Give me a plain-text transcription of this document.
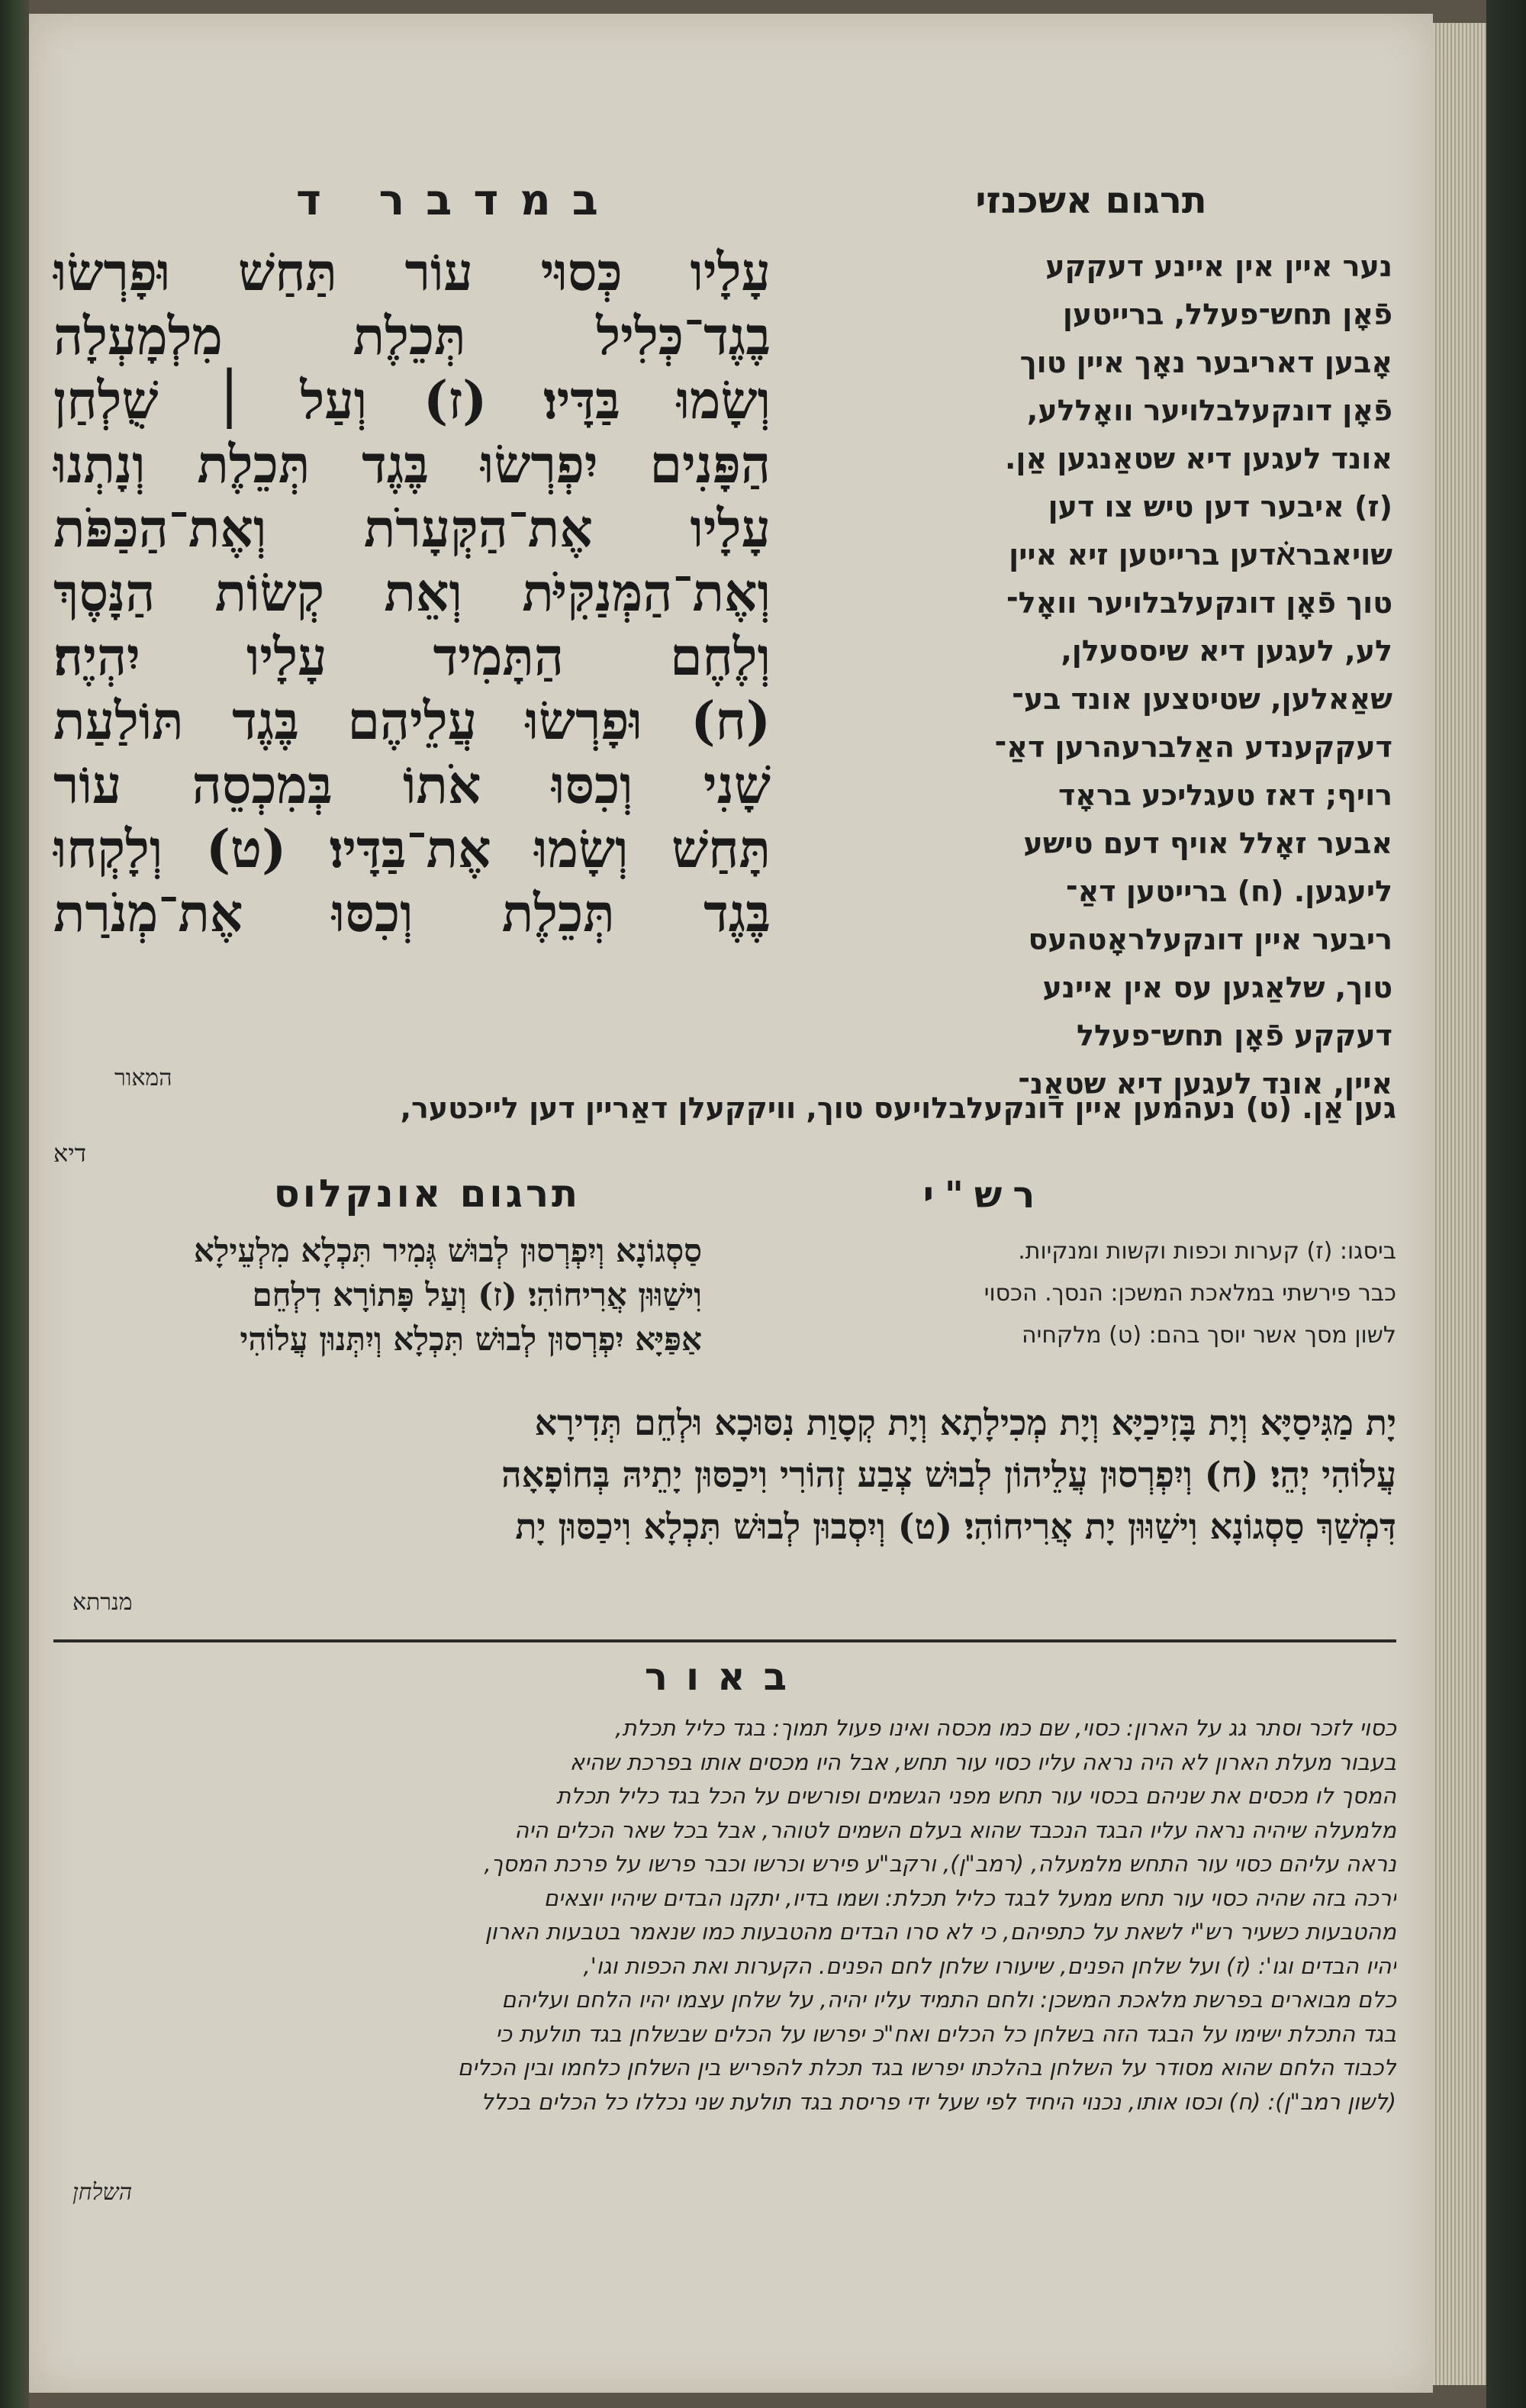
במדבר ד	תרגום אשכנזי
עָלָיו כְּסוּי עוֹר תַּחַשׁ וּפָרְשׂוּ
בֶגֶד־כְּלִיל תְּכֵלֶת מִלְמָעְלָה
וְשָׂמוּ בַּדָּיו׃ (ז) וְעַל ׀ שֻׁלְחַן
הַפָּנִים יִפְרְשׂוּ בֶּגֶד תְּכֵלֶת וְנָתְנוּ
עָלָיו אֶת־הַקְּעָרֹת וְאֶת־הַכַּפֹּת
וְאֶת־הַמְּנַקִּיֹּת וְאֵת קְשׂוֹת הַנָּסֶךְ
וְלֶחֶם הַתָּמִיד עָלָיו יִהְיֶה׃
(ח) וּפָרְשׂוּ עֲלֵיהֶם בֶּגֶד תּוֹלַעַת
שָׁנִי וְכִסּוּ אֹתוֹ בְּמִכְסֵה עוֹר
תָּחַשׁ וְשָׂמוּ אֶת־בַּדָּיו׃ (ט) וְלָקְחוּ
בֶּגֶד תְּכֵלֶת וְכִסּוּ אֶת־מְנֹרַת
נער איין אין איינע דעקקע
פֿאָן תחש־פעלל, ברייטען
אָבען דאריבער נאָך איין טוך
פֿאָן דונקעלבלויער וואָללע,
אונד לעגען דיא שטאַנגען אַן.
(ז) איבער דען טיש צו דען
שויאברא֗דען ברייטען זיא איין
טוך פֿאָן דונקעלבלויער וואָל־
לע, לעגען דיא שיססעלן,
שאַאלען, שטיטצען אונד בע־
דעקקענדע האַלברעהרען דאַ־
רויף; דאז טעגליכע בראָד
אבער זאָלל אויף דעם טישע
ליעגען. (ח) ברייטען דאַ־
ריבער איין דונקעלראָטהעס
טוך, שלאַגען עס אין איינע
דעקקע פֿאָן תחש־פעלל
איין, אונד לעגען דיא שטאַנ־
המאור
גען אַן. (ט) נעהמען איין דונקעלבלויעס טוך, וויקקעלן דאַריין דען לייכטער,
דיא
תרגום אונקלוס	רש"י
סַסְגוֹנָא וְיִפְרְסוּן לְבוּשׁ גְּמִיר תִּכְלָא מִלְעֵילָא
וִישַׁוּוּן אֲרִיחוֹהִי׃ (ז) וְעַל פָּתוֹרָא דִלְחֵם
אַפַּיָּא יִפְרְסוּן לְבוּשׁ תִּכְלָא וְיִתְּנוּן עֲלוֹהִי
ביסגו: (ז) קערות וכפות וקשות ומנקיות.
כבר פירשתי במלאכת המשכן: הנסך. הכסוי
לשון מסך אשר יוסך בהם: (ט) מלקחיה
יָת מַגִּיסַיָּא וְיָת בָּזִיכַיָּא וְיָת מְכִילָתָא וְיָת קְסָוַת נִסּוּכָא וּלְחֵם תְּדִירָא
עֲלוֹהִי יְהֵי׃ (ח) וְיִפְרְסוּן עֲלֵיהוֹן לְבוּשׁ צְבַע זְהוֹרִי וִיכַסּוּן יָתֵיהּ בְּחוֹפָאָה
דִּמְשַׁךְ סַסְגוֹנָא וִישַׁוּוּן יָת אֲרִיחוֹהִי׃ (ט) וְיִסְבוּן לְבוּשׁ תִּכְלָא וִיכַסּוּן יָת
מנרתא
באור
כסוי לזכר וסתר גג על הארון: כסוי, שם כמו מכסה ואינו פעול תמוך: בגד כליל תכלת,
בעבור מעלת הארון לא היה נראה עליו כסוי עור תחש, אבל היו מכסים אותו בפרכת שהיא
המסך לו מכסים את שניהם בכסוי עור תחש מפני הגשמים ופורשים על הכל בגד כליל תכלת
מלמעלה שיהיה נראה עליו הבגד הנכבד שהוא בעלם השמים לטוהר, אבל בכל שאר הכלים היה
נראה עליהם כסוי עור התחש מלמעלה, (רמב"ן), ורקב"ע פירש וכרשו וכבר פרשו על פרכת המסך,
ירכה בזה שהיה כסוי עור תחש ממעל לבגד כליל תכלת: ושמו בדיו, יתקנו הבדים שיהיו יוצאים
מהטבעות כשעיר רש"י לשאת על כתפיהם, כי לא סרו הבדים מהטבעות כמו שנאמר בטבעות הארון
יהיו הבדים וגו': (ז) ועל שלחן הפנים, שיעורו שלחן לחם הפנים. הקערות ואת הכפות וגו',
כלם מבוארים בפרשת מלאכת המשכן: ולחם התמיד עליו יהיה, על שלחן עצמו יהיו הלחם ועליהם
בגד התכלת ישימו על הבגד הזה בשלחן כל הכלים ואח"כ יפרשו על הכלים שבשלחן בגד תולעת כי
לכבוד הלחם שהוא מסודר על השלחן בהלכתו יפרשו בגד תכלת להפריש בין השלחן כלחמו ובין הכלים
(לשון רמב"ן): (ח) וכסו אותו, נכנוי היחיד לפי שעל ידי פריסת בגד תולעת שני נכללו כל הכלים בכלל
השלחן
